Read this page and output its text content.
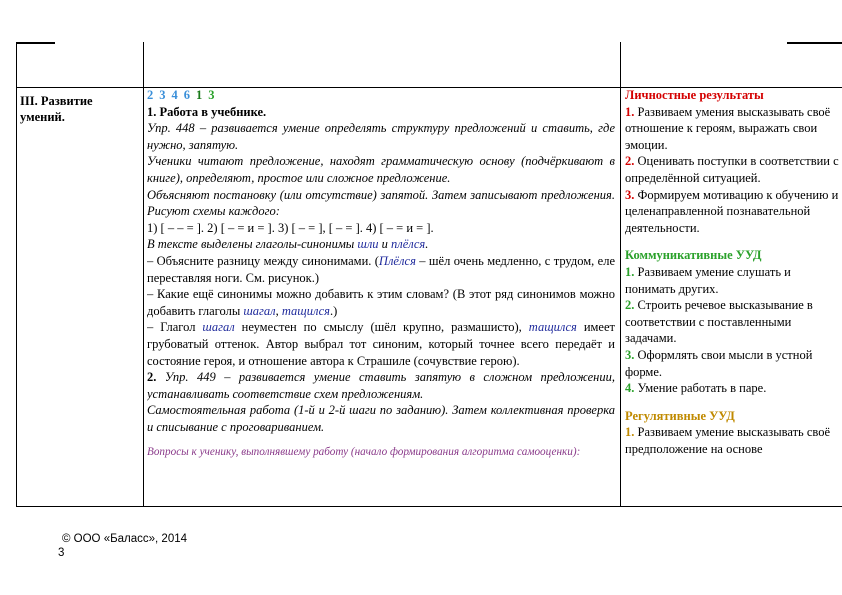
III. Развитие умений.
2 3 4 6 1 3

1. Работа в учебнике.

Упр. 448 – развивается умение определять структуру предложений и ставить, где нужно, запятую.

Ученики читают предложение, находят грамматическую основу (подчёркивают в книге), определяют, простое или сложное предложение.

Объясняют постановку (или отсутствие) запятой. Затем записывают предложения. Рисуют схемы каждого:

1) [ – – = ]. 2) [ – = и = ]. 3) [ – = ], [ – = ]. 4) [ – = и = ].

В тексте выделены глаголы-синонимы шли и плёлся.

– Объясните разницу между синонимами. (Плёлся – шёл очень медленно, с трудом, еле переставляя ноги. См. рисунок.)

– Какие ещё синонимы можно добавить к этим словам? (В этот ряд синонимов можно добавить глаголы шагал, тащился.)

– Глагол шагал неуместен по смыслу (шёл крупно, размашисто), тащился имеет грубоватый оттенок. Автор выбрал тот синоним, который точнее всего передаёт и состояние героя, и отношение автора к Страшиле (сочувствие герою).

2. Упр. 449 – развивается умение ставить запятую в сложном предложении, устанавливать соответствие схем предложениям.

Самостоятельная работа (1-й и 2-й шаги по заданию). Затем коллективная проверка и списывание с проговариванием.

Вопросы к ученику, выполнявшему работу (начало формирования алгоритма самооценки):

Личностные результаты

1. Развиваем умения высказывать своё отношение к героям, выражать свои эмоции.

2. Оценивать поступки в соответствии с определённой ситуацией.

3. Формируем мотивацию к обучению и целенаправленной познавательной деятельности.

Коммуникативные УУД

1. Развиваем умение слушать и понимать других.

2. Строить речевое высказывание в соответствии с поставленными задачами.

3. Оформлять свои мысли в устной форме.

4. Умение работать в паре.

Регулятивные УУД

1. Развиваем умение высказывать своё предположение на основе

© ООО «Баласс», 2014
3
